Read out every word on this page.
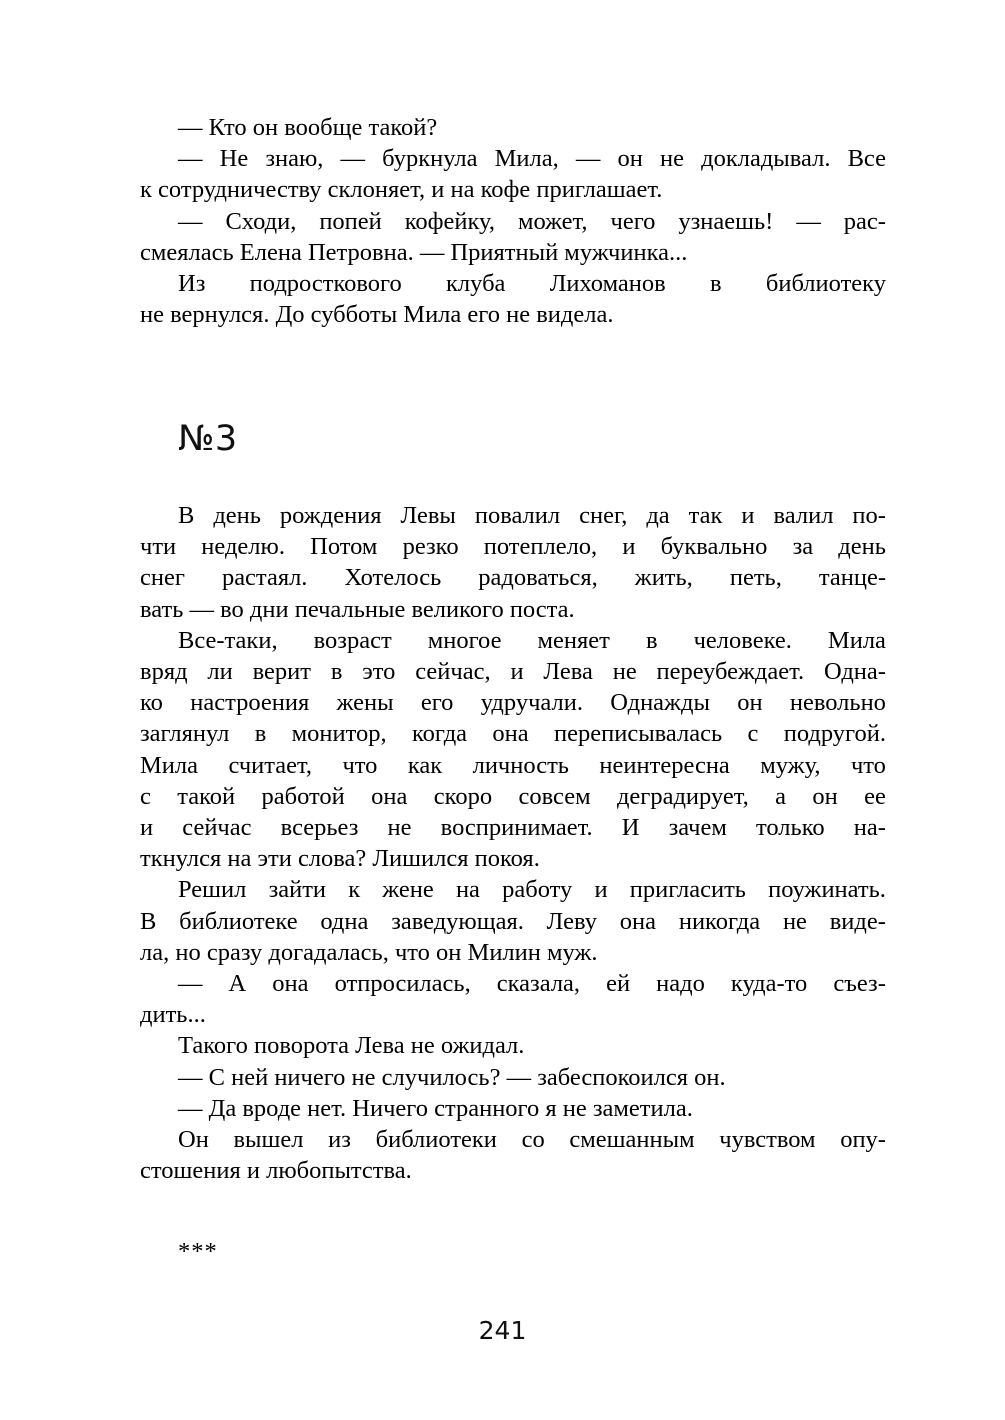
— Кто он вообще такой?
— Не знаю, — буркнула Мила, — он не докладывал. Все
к сотрудничеству склоняет, и на кофе приглашает.
— Сходи, попей кофейку, может, чего узнаешь! — рас-
смеялась Елена Петровна. — Приятный мужчинка...
Из подросткового клуба Лихоманов в библиотеку
не вернулся. До субботы Мила его не видела.
В день рождения Левы повалил снег, да так и валил по-
чти неделю. Потом резко потеплело, и буквально за день
снег растаял. Хотелось радоваться, жить, петь, танце-
вать — во дни печальные великого поста.
Все-таки, возраст многое меняет в человеке. Мила
вряд ли верит в это сейчас, и Лева не переубеждает. Одна-
ко настроения жены его удручали. Однажды он невольно
заглянул в монитор, когда она переписывалась с подругой.
Мила считает, что как личность неинтересна мужу, что
с такой работой она скоро совсем деградирует, а он ее
и сейчас всерьез не воспринимает. И зачем только на-
ткнулся на эти слова? Лишился покоя.
Решил зайти к жене на работу и пригласить поужинать.
В библиотеке одна заведующая. Леву она никогда не виде-
ла, но сразу догадалась, что он Милин муж.
— А она отпросилась, сказала, ей надо куда-то съез-
дить...
Такого поворота Лева не ожидал.
— С ней ничего не случилось? — забеспокоился он.
— Да вроде нет. Ничего странного я не заметила.
Он вышел из библиотеки со смешанным чувством опу-
стошения и любопытства.
№3
***
241
